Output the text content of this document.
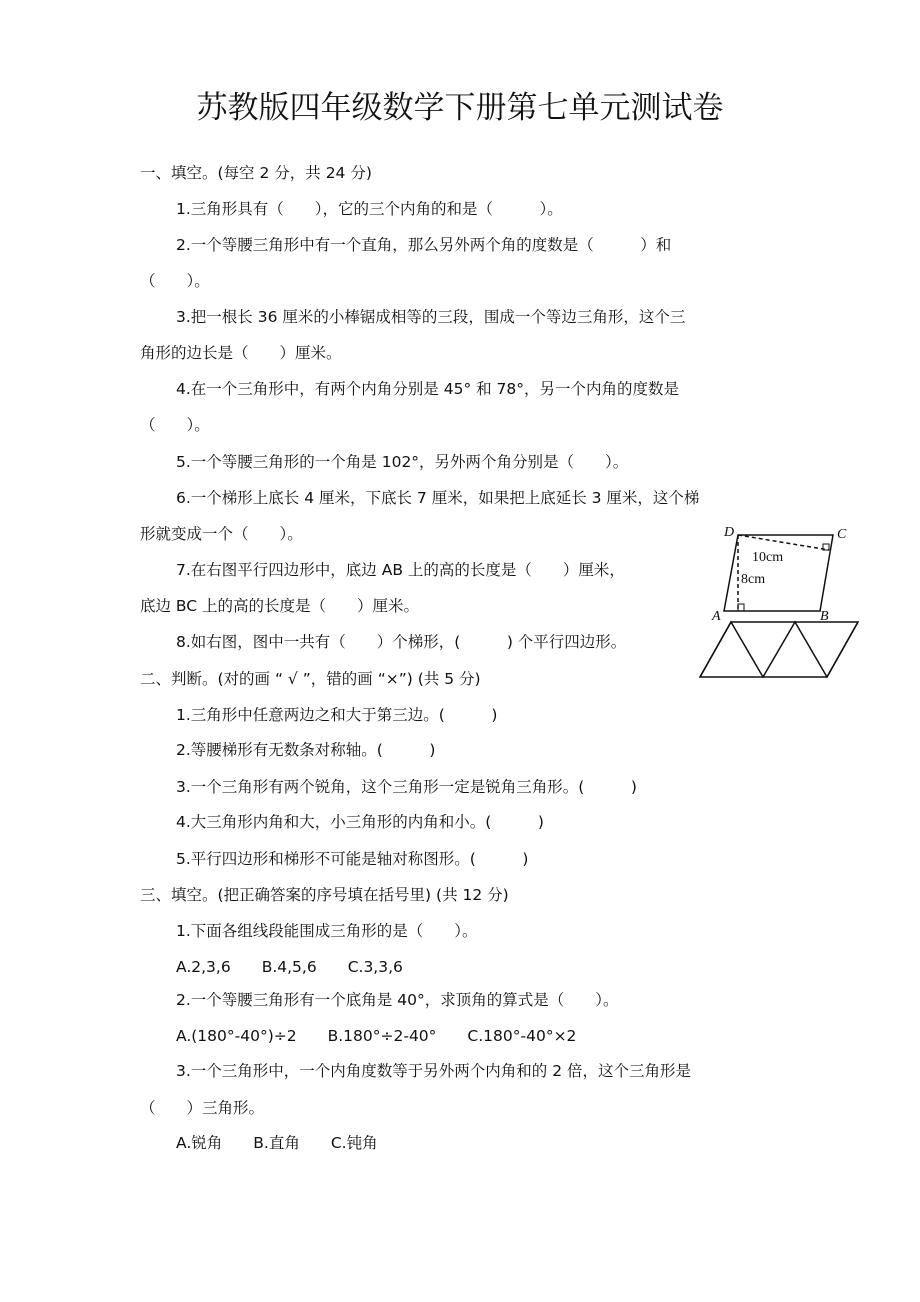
苏教版四年级数学下册第七单元测试卷
一、填空。(每空 2 分，共 24 分)
1.三角形具有（　　），它的三个内角的和是（　　　）。
2.一个等腰三角形中有一个直角，那么另外两个角的度数是（　　　）和
（　　）。
3.把一根长 36 厘米的小棒锯成相等的三段，围成一个等边三角形，这个三
角形的边长是（　　）厘米。
4.在一个三角形中，有两个内角分别是 45° 和 78°，另一个内角的度数是
（　　）。
5.一个等腰三角形的一个角是 102°，另外两个角分别是（　　）。
6.一个梯形上底长 4 厘米，下底长 7 厘米，如果把上底延长 3 厘米，这个梯
形就变成一个（　　）。
7.在右图平行四边形中，底边 AB 上的高的长度是（　　）厘米，
底边 BC 上的高的长度是（　　）厘米。
8.如右图，图中一共有（　　）个梯形，(　　　) 个平行四边形。
二、判断。(对的画 “ √ ”，错的画 “×”) (共 5 分)
1.三角形中任意两边之和大于第三边。(　　　)
2.等腰梯形有无数条对称轴。(　　　)
3.一个三角形有两个锐角，这个三角形一定是锐角三角形。(　　　)
4.大三角形内角和大，小三角形的内角和小。(　　　)
5.平行四边形和梯形不可能是轴对称图形。(　　　)
三、填空。(把正确答案的序号填在括号里) (共 12 分)
1.下面各组线段能围成三角形的是（　　）。
A.2,3,6　　B.4,5,6　　C.3,3,6
2.一个等腰三角形有一个底角是 40°，求顶角的算式是（　　）。
A.(180°-40°)÷2　　B.180°÷2-40°　　C.180°-40°×2
3.一个三角形中，一个内角度数等于另外两个内角和的 2 倍，这个三角形是
（　　）三角形。
A.锐角　　B.直角　　C.钝角
D	C
A	B
10cm
8cm
